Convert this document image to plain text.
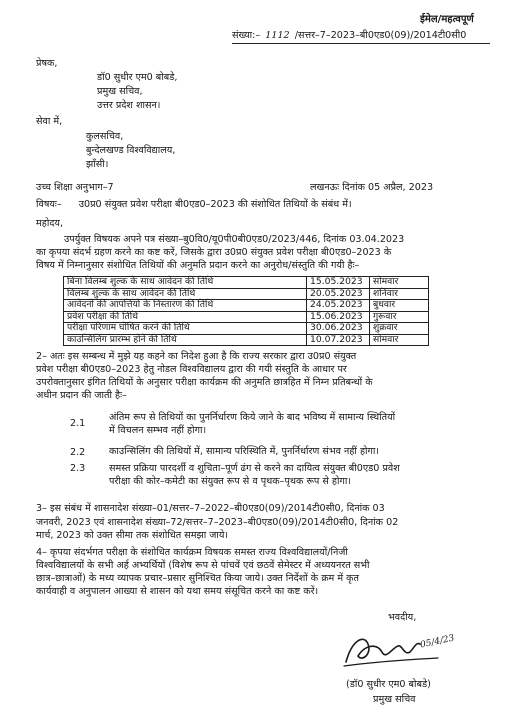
ईमेल/महत्वपूर्ण
संख्या:– 1112 /सत्तर–7–2023–बी0एड0(09)/2014टी0सी0
प्रेषक,
डॉ0 सुधीर एम0 बोबडे,
प्रमुख सचिव,
उत्तर प्रदेश शासन।
सेवा में,
कुलसचिव,
बुन्देलखण्ड विश्वविद्यालय,
झाँसी।
उच्च शिक्षा अनुभाग–7	लखनऊः दिनांक 05 अप्रैल, 2023
विषयः– उ0प्र0 संयुक्त प्रवेश परीक्षा बी0एड0–2023 की संशोधित तिथियों के संबंध में।
महोदय,
उपर्युक्त विषयक अपने पत्र संख्या–बु0वि0/यू0पी0बी0एड0/2023/446, दिनांक 03.04.2023
का कृपया संदर्भ ग्रहण करने का कष्ट करें, जिसके द्वारा उ0प्र0 संयुक्त प्रवेश परीक्षा बी0एड0–2023 के
विषय में निम्नानुसार संशोधित तिथियों की अनुमति प्रदान करने का अनुरोध/संस्तुति की गयी हैः–
बिना विलम्ब शुल्क के साथ आवेदन की तिथि	15.05.2023	सोमवार
विलम्ब शुल्क के साथ आवेदन की तिथि	20.05.2023	शनिवार
आवेदनों की आपत्तियों के निस्तारण की तिथि	24.05.2023	बुधवार
प्रवेश परीक्षा की तिथि	15.06.2023	गुरूवार
परीक्षा परिणाम घोषित करने की तिथि	30.06.2023	शुक्रवार
काउन्सिलिंग प्रारम्भ होने की तिथि	10.07.2023	सोमवार
2– अतः इस सम्बन्ध में मुझे यह कहने का निदेश हुआ है कि राज्य सरकार द्वारा उ0प्र0 संयुक्त
प्रवेश परीक्षा बी0एड0–2023 हेतु नोडल विश्वविद्यालय द्वारा की गयी संस्तुति के आधार पर
उपरोक्तानुसार इंगित तिथियों के अनुसार परीक्षा कार्यक्रम की अनुमति छात्रहित में निम्न प्रतिबन्धों के
अधीन प्रदान की जाती हैः–
2.1
अंतिम रूप से तिथियों का पुनर्निर्धारण किये जाने के बाद भविष्य में सामान्य स्थितियों
में विचलन सम्भव नहीं होगा।
2.2 काउन्सिलिंग की तिथियों में, सामान्य परिस्थिति में, पुनर्निर्धारण संभव नहीं होगा।
2.3 समस्त प्रक्रिया पारदर्शी व शुचिता–पूर्ण ढंग से करने का दायित्व संयुक्त बी0एड0 प्रवेश
परीक्षा की कोर–कमेटी का संयुक्त रूप से व पृथक–पृथक रूप से होगा।
3– इस संबंध में शासनादेश संख्या–01/सत्तर–7–2022–बी0एड0(09)/2014टी0सी0, दिनांक 03
जनवरी, 2023 एवं शासनादेश संख्या–72/सत्तर–7–2023–बी0एड0(09)/2014टी0सी0, दिनांक 02
मार्च, 2023 को उक्त सीमा तक संशोधित समझा जाये।
4– कृपया संदर्भगत परीक्षा के संशोधित कार्यक्रम विषयक समस्त राज्य विश्वविद्यालयों/निजी
विश्वविद्यालयों के सभी अर्ह अभ्यर्थियों (विशेष रूप से पांचवें एवं छठवें सेमेस्टर में अध्ययनरत सभी
छात्र–छात्राओं) के मध्य व्यापक प्रचार–प्रसार सुनिश्चित किया जाये। उक्त निर्देशों के क्रम में कृत
कार्यवाही व अनुपालन आख्या से शासन को यथा समय संसूचित करने का कष्ट करें।
भवदीय,
05/4/23
(डॉ0 सुधीर एम0 बोबडे)
प्रमुख सचिव
